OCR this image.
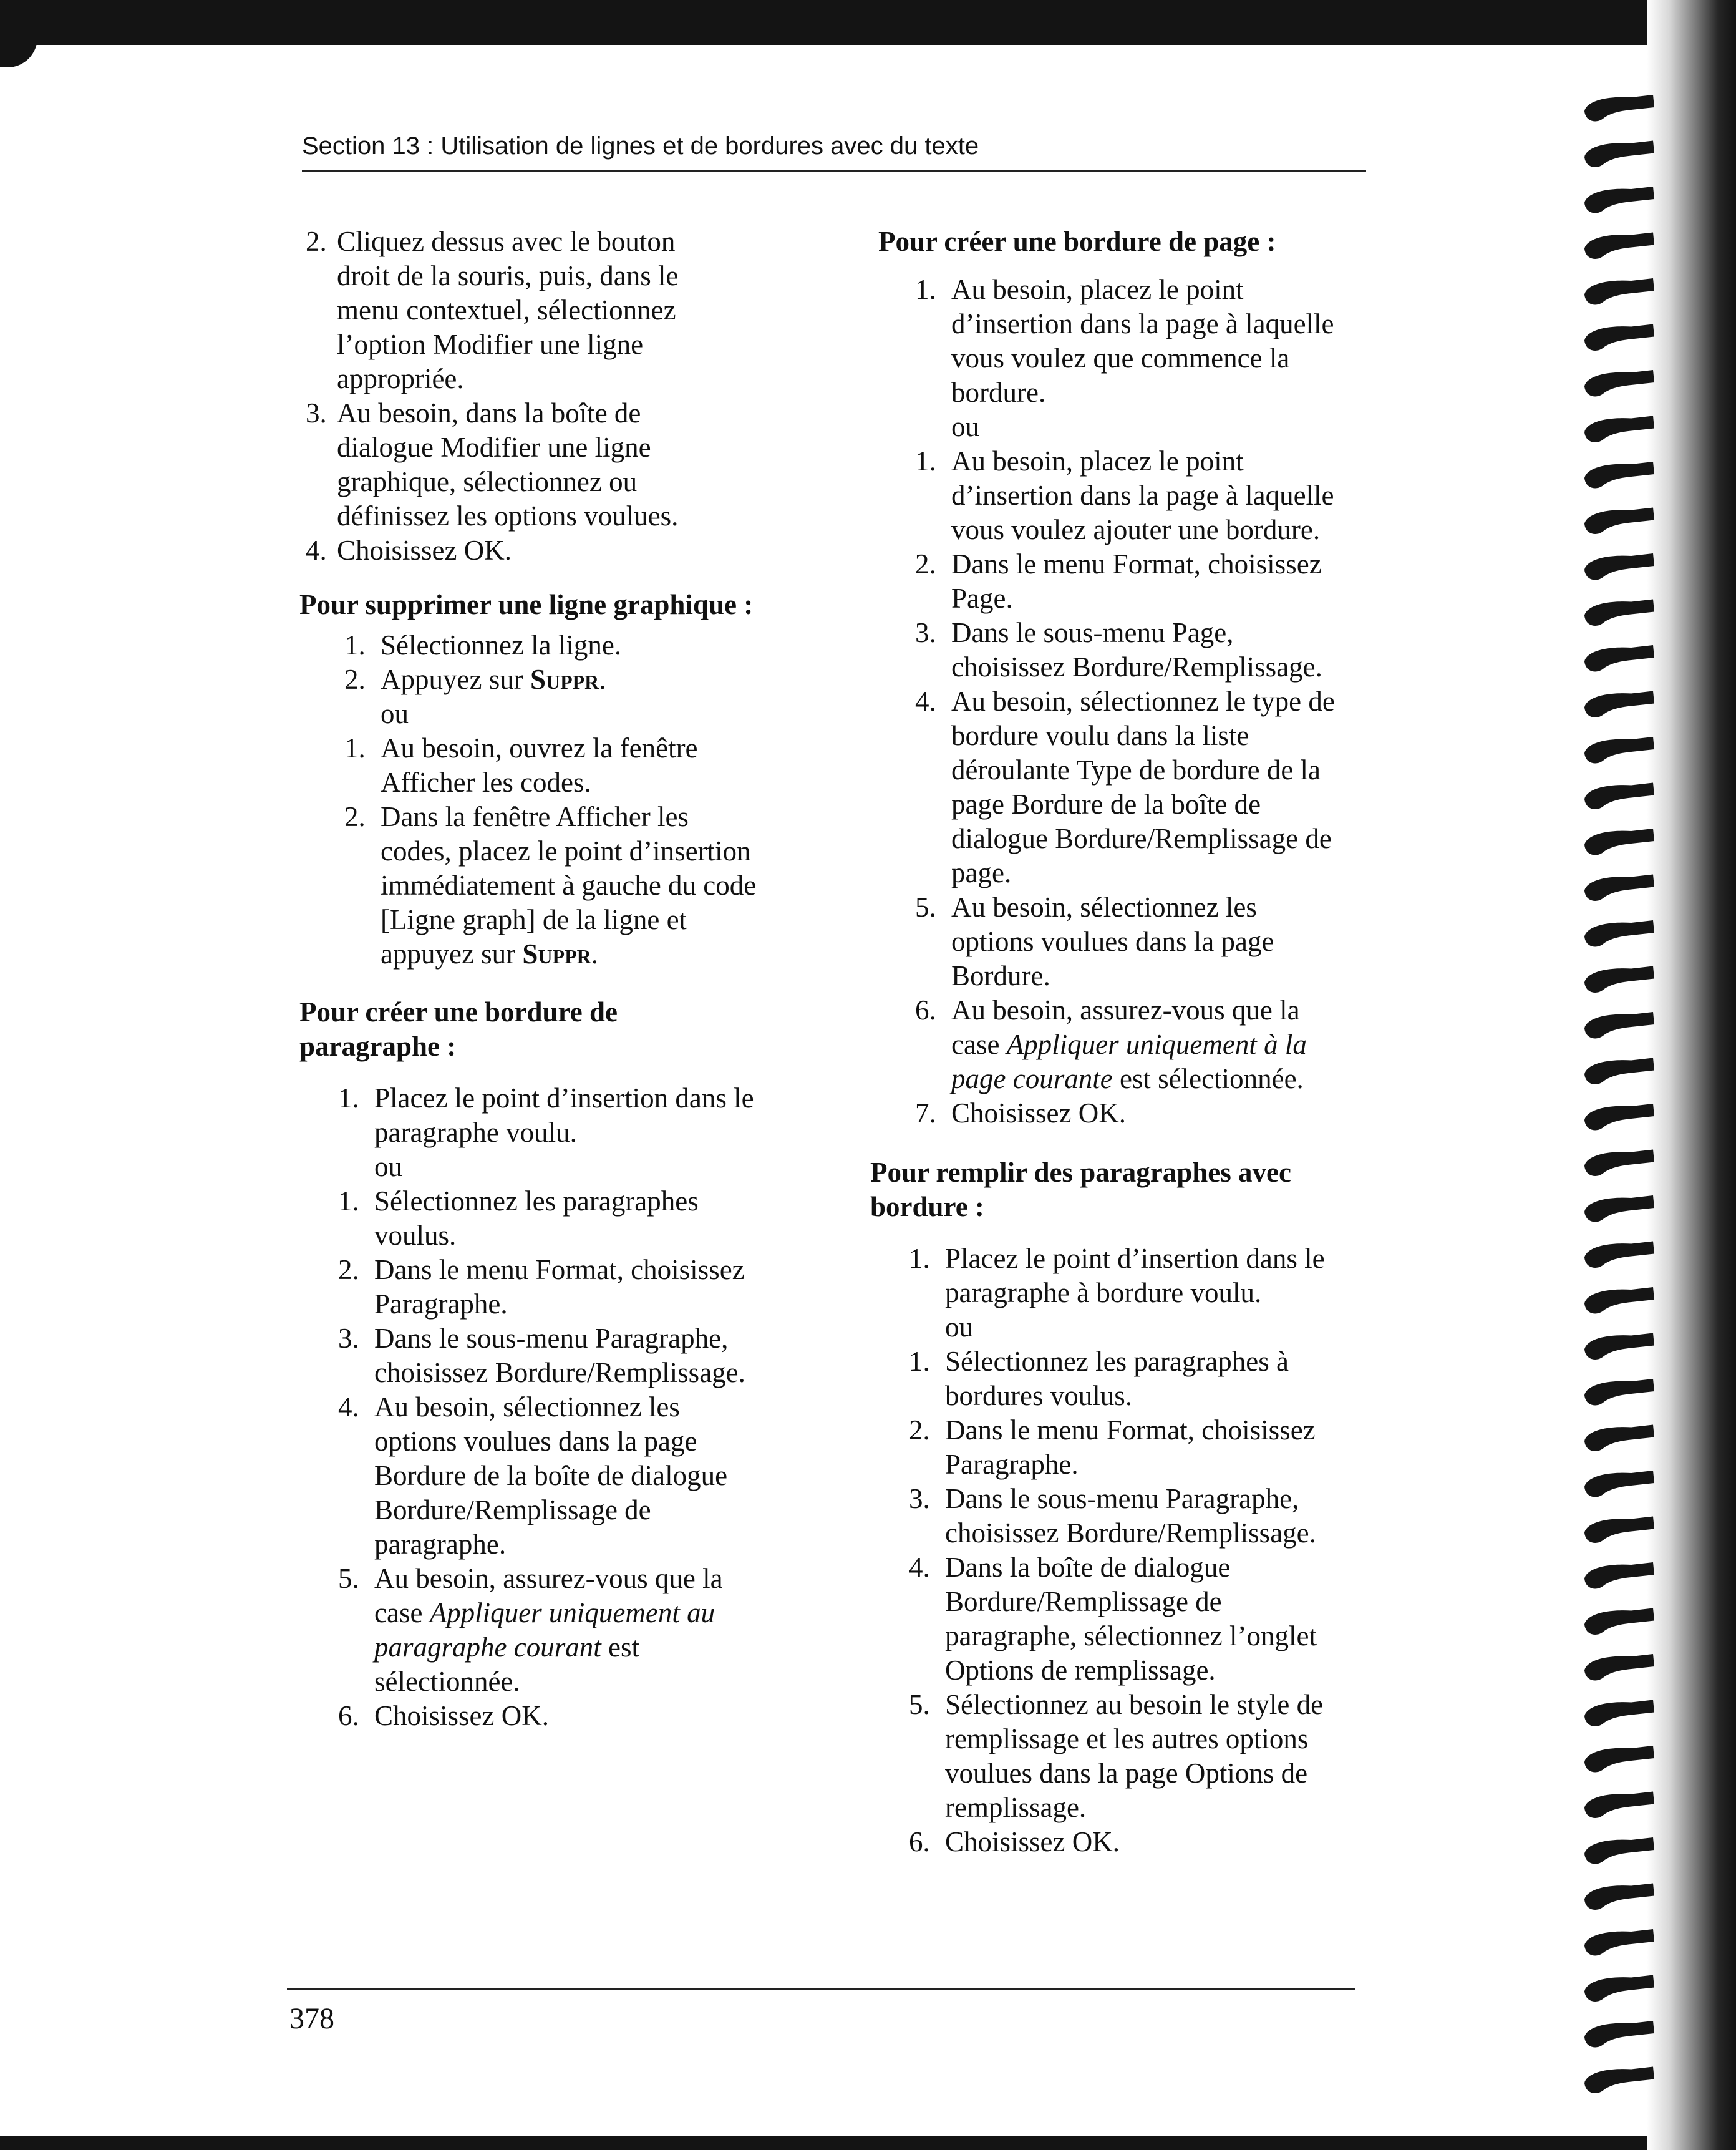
Section 13 : Utilisation de lignes et de bordures avec du texte
2. Cliquez dessus avec le bouton
droit de la souris, puis, dans le
menu contextuel, sélectionnez
l’option Modifier une ligne
appropriée.
3. Au besoin, dans la boîte de
dialogue Modifier une ligne
graphique, sélectionnez ou
définissez les options voulues.
4. Choisissez OK.
Pour supprimer une ligne graphique :
1. Sélectionnez la ligne.
2. Appuyez sur Suppr.
ou
1. Au besoin, ouvrez la fenêtre
Afficher les codes.
2. Dans la fenêtre Afficher les
codes, placez le point d’insertion
immédiatement à gauche du code
[Ligne graph] de la ligne et
appuyez sur Suppr.
Pour créer une bordure de
paragraphe :
1. Placez le point d’insertion dans le
paragraphe voulu.
ou
1. Sélectionnez les paragraphes
voulus.
2. Dans le menu Format, choisissez
Paragraphe.
3. Dans le sous-menu Paragraphe,
choisissez Bordure/Remplissage.
4. Au besoin, sélectionnez les
options voulues dans la page
Bordure de la boîte de dialogue
Bordure/Remplissage de
paragraphe.
5. Au besoin, assurez-vous que la
case Appliquer uniquement au
paragraphe courant est
sélectionnée.
6. Choisissez OK.
Pour créer une bordure de page :
1. Au besoin, placez le point
d’insertion dans la page à laquelle
vous voulez que commence la
bordure.
ou
1. Au besoin, placez le point
d’insertion dans la page à laquelle
vous voulez ajouter une bordure.
2. Dans le menu Format, choisissez
Page.
3. Dans le sous-menu Page,
choisissez Bordure/Remplissage.
4. Au besoin, sélectionnez le type de
bordure voulu dans la liste
déroulante Type de bordure de la
page Bordure de la boîte de
dialogue Bordure/Remplissage de
page.
5. Au besoin, sélectionnez les
options voulues dans la page
Bordure.
6. Au besoin, assurez-vous que la
case Appliquer uniquement à la
page courante est sélectionnée.
7. Choisissez OK.
Pour remplir des paragraphes avec
bordure :
1. Placez le point d’insertion dans le
paragraphe à bordure voulu.
ou
1. Sélectionnez les paragraphes à
bordures voulus.
2. Dans le menu Format, choisissez
Paragraphe.
3. Dans le sous-menu Paragraphe,
choisissez Bordure/Remplissage.
4. Dans la boîte de dialogue
Bordure/Remplissage de
paragraphe, sélectionnez l’onglet
Options de remplissage.
5. Sélectionnez au besoin le style de
remplissage et les autres options
voulues dans la page Options de
remplissage.
6. Choisissez OK.
378
